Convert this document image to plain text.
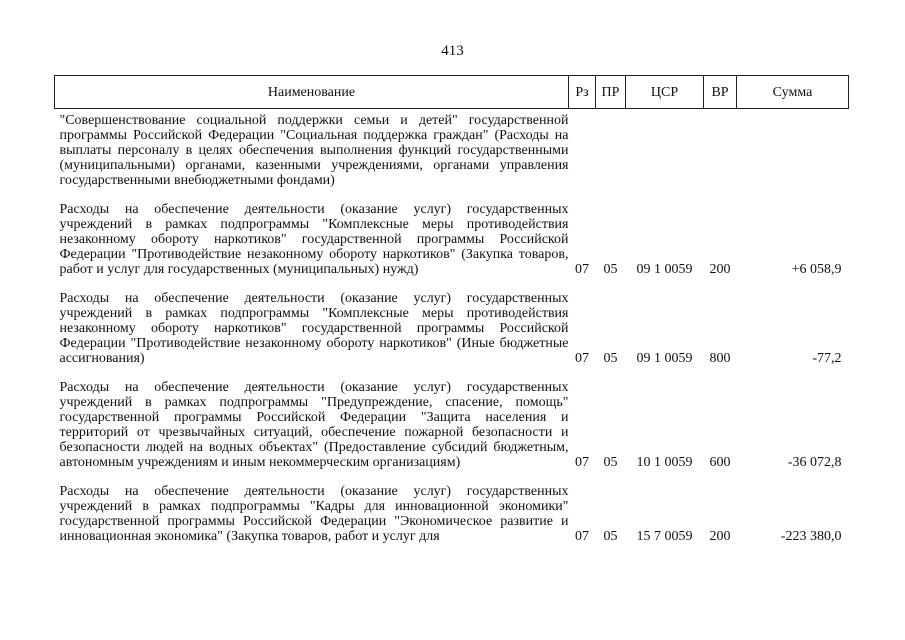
413
Наименование	Рз	ПР	ЦСР	ВР	Сумма
"Совершенствование социальной поддержки семьи и детей" государственной программы Российской Федерации "Социальная поддержка граждан" (Расходы на выплаты персоналу в целях обеспечения выполнения функций государственными (муниципальными) органами, казенными учреждениями, органами управления государственными внебюджетными фондами)					
Расходы на обеспечение деятельности (оказание услуг) государственных учреждений в рамках подпрограммы "Комплексные меры противодействия незаконному обороту наркотиков" государственной программы Российской Федерации "Противодействие незаконному обороту наркотиков" (Закупка товаров, работ и услуг для государственных (муниципальных) нужд)	07	05	09 1 0059	200	+6 058,9
Расходы на обеспечение деятельности (оказание услуг) государственных учреждений в рамках подпрограммы "Комплексные меры противодействия незаконному обороту наркотиков" государственной программы Российской Федерации "Противодействие незаконному обороту наркотиков" (Иные бюджетные ассигнования)	07	05	09 1 0059	800	-77,2
Расходы на обеспечение деятельности (оказание услуг) государственных учреждений в рамках подпрограммы "Предупреждение, спасение, помощь" государственной программы Российской Федерации "Защита населения и территорий от чрезвычайных ситуаций, обеспечение пожарной безопасности и безопасности людей на водных объектах" (Предоставление субсидий бюджетным, автономным учреждениям и иным некоммерческим организациям)	07	05	10 1 0059	600	-36 072,8
Расходы на обеспечение деятельности (оказание услуг) государственных учреждений в рамках подпрограммы "Кадры для инновационной экономики" государственной программы Российской Федерации "Экономическое развитие и инновационная экономика" (Закупка товаров, работ и услуг для	07	05	15 7 0059	200	-223 380,0
